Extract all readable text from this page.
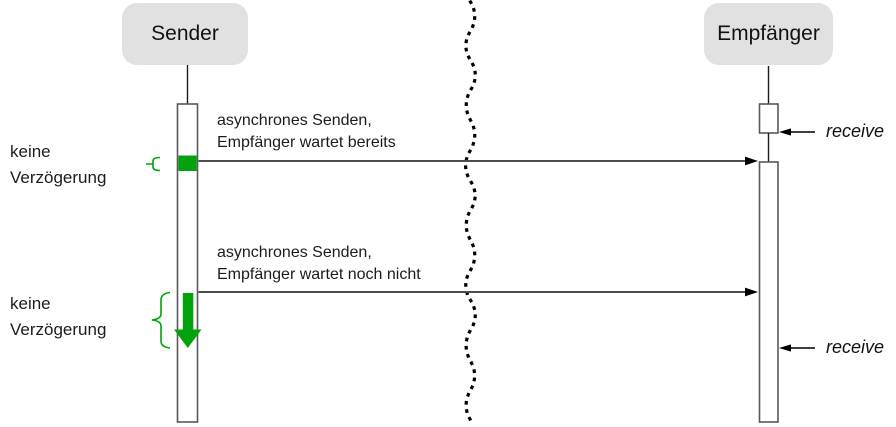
Sender	Empfänger
asynchrones Senden,
Empfänger wartet bereits
asynchrones Senden,
Empfänger wartet noch nicht
keine
Verzögerung
keine
Verzögerung
receive
receive
